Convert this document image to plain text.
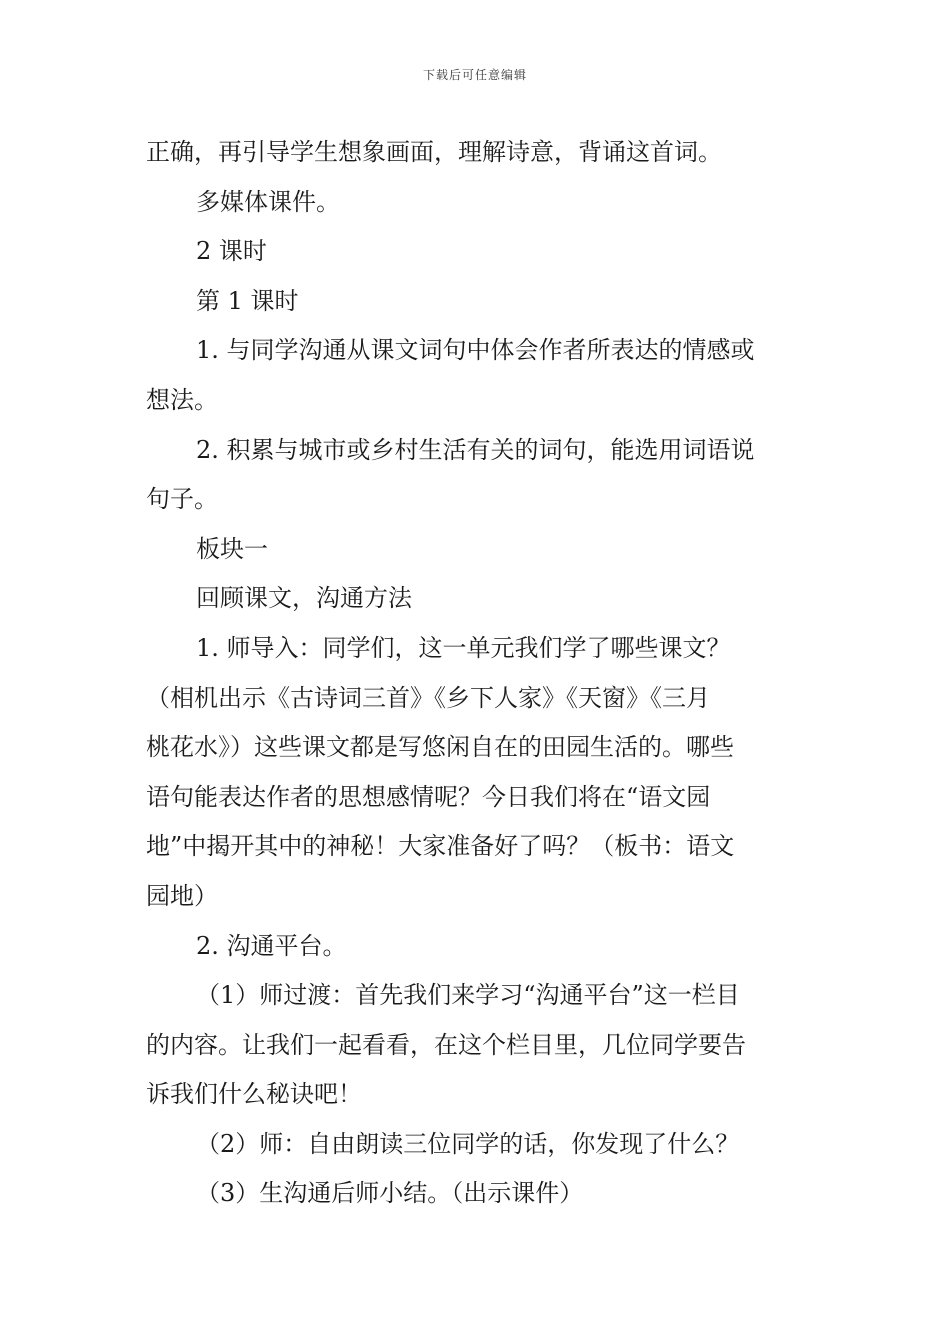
下载后可任意编辑
正确，再引导学生想象画面，理解诗意，背诵这首词。
多媒体课件。
2 课时
第 1 课时
1. 与同学沟通从课文词句中体会作者所表达的情感或
想法。
2. 积累与城市或乡村生活有关的词句，能选用词语说
句子。
板块一
回顾课文，沟通方法
1. 师导入：同学们，这一单元我们学了哪些课文？
（相机出示《古诗词三首》《乡下人家》《天窗》《三月
桃花水》）这些课文都是写悠闲自在的田园生活的。哪些
语句能表达作者的思想感情呢？今日我们将在“语文园
地”中揭开其中的神秘！大家准备好了吗？（板书：语文
园地）
2. 沟通平台。
（1）师过渡：首先我们来学习“沟通平台”这一栏目
的内容。让我们一起看看，在这个栏目里，几位同学要告
诉我们什么秘诀吧！
（2）师：自由朗读三位同学的话，你发现了什么？
（3）生沟通后师小结。（出示课件）
